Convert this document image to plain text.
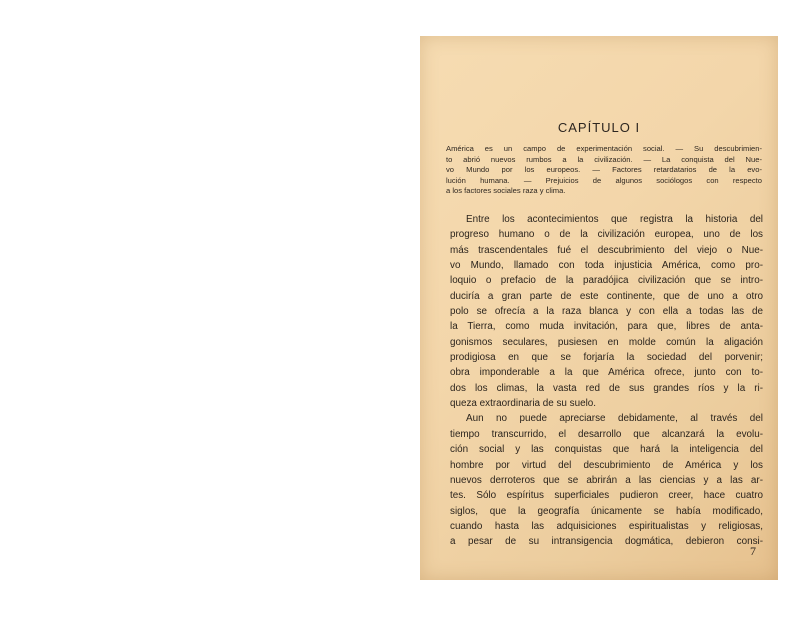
CAPÍTULO I
América es un campo de experimentación social. — Su descubrimien-
to abrió nuevos rumbos a la civilización. — La conquista del Nue-
vo Mundo por los europeos. — Factores retardatarios de la evo-
lución humana. — Prejuicios de algunos sociólogos con respecto
a los factores sociales raza y clima.
Entre los acontecimientos que registra la historia del
progreso humano o de la civilización europea, uno de los
más trascendentales fué el descubrimiento del viejo o Nue-
vo Mundo, llamado con toda injusticia América, como pro-
loquio o prefacio de la paradójica civilización que se intro-
duciría a gran parte de este continente, que de uno a otro
polo se ofrecía a la raza blanca y con ella a todas las de
la Tierra, como muda invitación, para que, libres de anta-
gonismos seculares, pusiesen en molde común la aligación
prodigiosa en que se forjaría la sociedad del porvenir;
obra imponderable a la que América ofrece, junto con to-
dos los climas, la vasta red de sus grandes ríos y la ri-
queza extraordinaria de su suelo.
Aun no puede apreciarse debidamente, al través del
tiempo transcurrido, el desarrollo que alcanzará la evolu-
ción social y las conquistas que hará la inteligencia del
hombre por virtud del descubrimiento de América y los
nuevos derroteros que se abrirán a las ciencias y a las ar-
tes. Sólo espíritus superficiales pudieron creer, hace cuatro
siglos, que la geografía únicamente se había modificado,
cuando hasta las adquisiciones espiritualistas y religiosas,
a pesar de su intransigencia dogmática, debieron consi-
7
